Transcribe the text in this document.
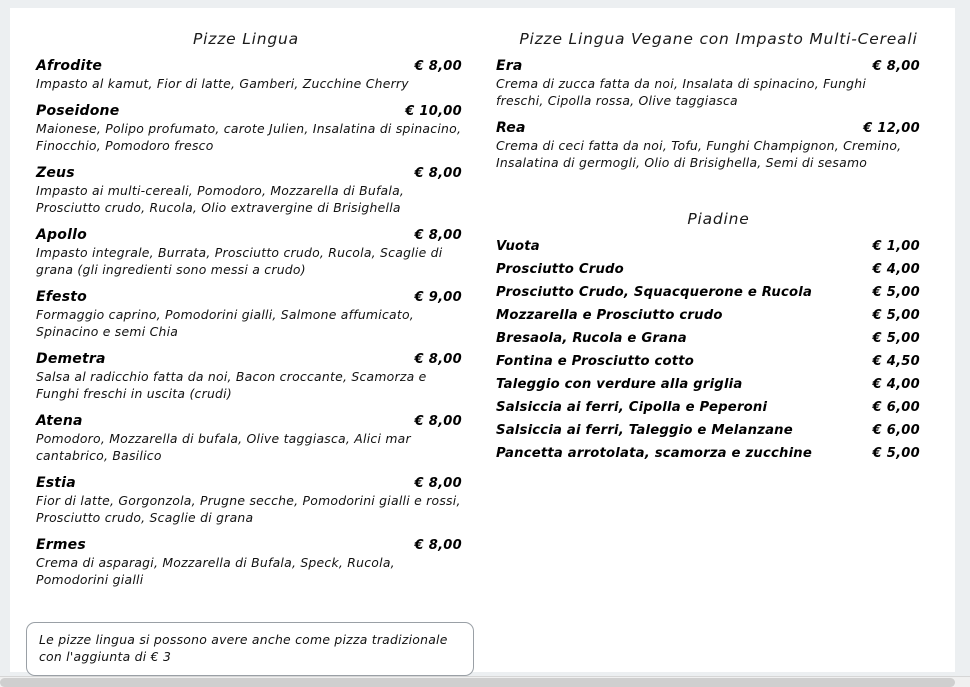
Pizze Lingua
Afrodite	€ 8,00
Impasto al kamut, Fior di latte, Gamberi, Zucchine Cherry
Poseidone	€ 10,00
Maionese, Polipo profumato, carote Julien, Insalatina di spinacino, Finocchio, Pomodoro fresco
Zeus	€ 8,00
Impasto ai multi-cereali, Pomodoro, Mozzarella di Bufala, Prosciutto crudo, Rucola, Olio extravergine di Brisighella
Apollo	€ 8,00
Impasto integrale, Burrata, Prosciutto crudo, Rucola, Scaglie di grana (gli ingredienti sono messi a crudo)
Efesto	€ 9,00
Formaggio caprino, Pomodorini gialli, Salmone affumicato, Spinacino e semi Chia
Demetra	€ 8,00
Salsa al radicchio fatta da noi, Bacon croccante, Scamorza e Funghi freschi in uscita (crudi)
Atena	€ 8,00
Pomodoro, Mozzarella di bufala, Olive taggiasca, Alici mar cantabrico, Basilico
Estia	€ 8,00
Fior di latte, Gorgonzola, Prugne secche, Pomodorini gialli e rossi, Prosciutto crudo, Scaglie di grana
Ermes	€ 8,00
Crema di asparagi, Mozzarella di Bufala, Speck, Rucola, Pomodorini gialli
Pizze Lingua Vegane con Impasto Multi-Cereali
Era	€ 8,00
Crema di zucca fatta da noi, Insalata di spinacino, Funghi freschi, Cipolla rossa, Olive taggiasca
Rea	€ 12,00
Crema di ceci fatta da noi, Tofu, Funghi Champignon, Cremino, Insalatina di germogli, Olio di Brisighella, Semi di sesamo
Piadine
Vuota	€ 1,00
Prosciutto Crudo	€ 4,00
Prosciutto Crudo, Squacquerone e Rucola	€ 5,00
Mozzarella e Prosciutto crudo	€ 5,00
Bresaola, Rucola e Grana	€ 5,00
Fontina e Prosciutto cotto	€ 4,50
Taleggio con verdure alla griglia	€ 4,00
Salsiccia ai ferri, Cipolla e Peperoni	€ 6,00
Salsiccia ai ferri, Taleggio e Melanzane	€ 6,00
Pancetta arrotolata, scamorza e zucchine	€ 5,00
Le pizze lingua si possono avere anche come pizza tradizionale con l'aggiunta di € 3
